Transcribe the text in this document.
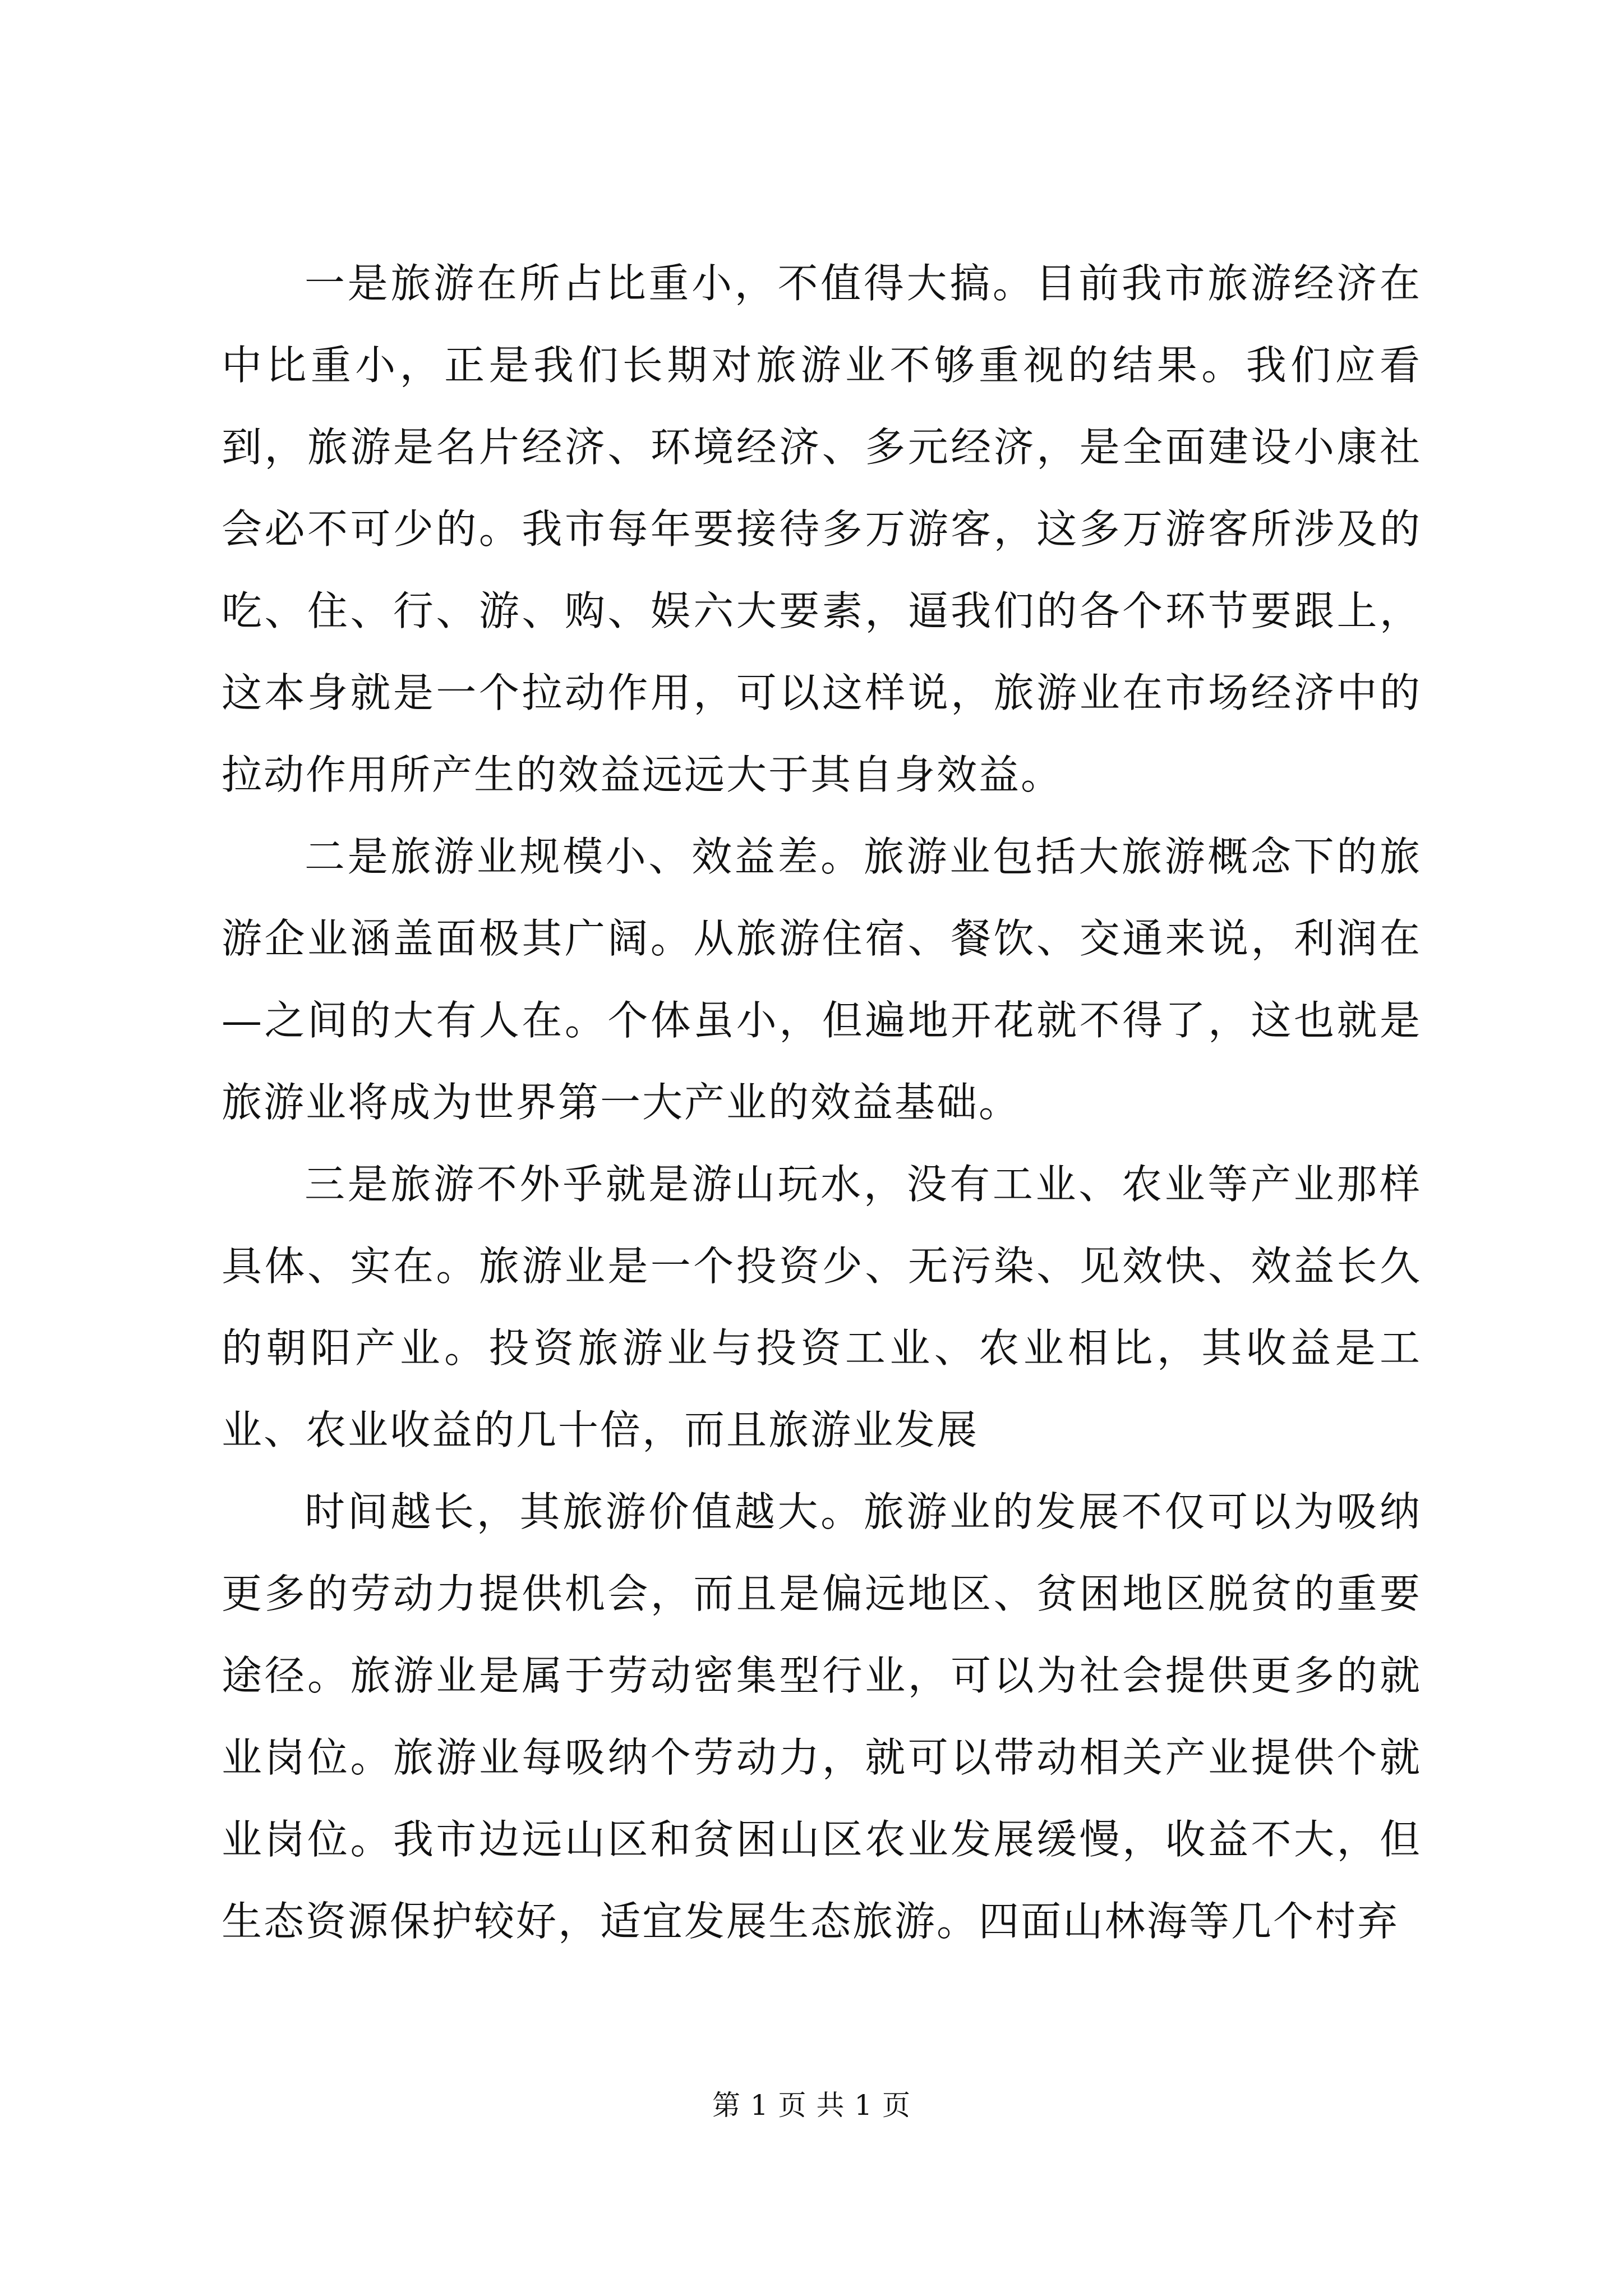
一是旅游在所占比重小，不值得大搞。目前我市旅游经济在中比重小，正是我们长期对旅游业不够重视的结果。我们应看到，旅游是名片经济、环境经济、多元经济，是全面建设小康社会必不可少的。我市每年要接待多万游客，这多万游客所涉及的吃、住、行、游、购、娱六大要素，逼我们的各个环节要跟上，这本身就是一个拉动作用，可以这样说，旅游业在市场经济中的拉动作用所产生的效益远远大于其自身效益。

二是旅游业规模小、效益差。旅游业包括大旅游概念下的旅游企业涵盖面极其广阔。从旅游住宿、餐饮、交通来说，利润在—之间的大有人在。个体虽小，但遍地开花就不得了，这也就是旅游业将成为世界第一大产业的效益基础。

三是旅游不外乎就是游山玩水，没有工业、农业等产业那样具体、实在。旅游业是一个投资少、无污染、见效快、效益长久的朝阳产业。投资旅游业与投资工业、农业相比，其收益是工业、农业收益的几十倍，而且旅游业发展

时间越长，其旅游价值越大。旅游业的发展不仅可以为吸纳更多的劳动力提供机会，而且是偏远地区、贫困地区脱贫的重要途径。旅游业是属于劳动密集型行业，可以为社会提供更多的就业岗位。旅游业每吸纳个劳动力，就可以带动相关产业提供个就业岗位。我市边远山区和贫困山区农业发展缓慢，收益不大，但生态资源保护较好，适宜发展生态旅游。四面山林海等几个村弃

第 1 页 共 1 页
